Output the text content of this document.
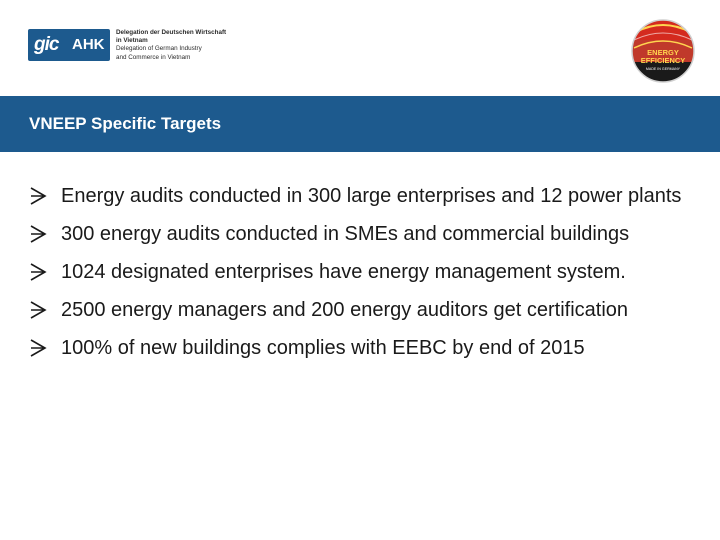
gic AHK
Delegation der Deutschen Wirtschaft
in Vietnam
Delegation of German Industry
and Commerce in Vietnam
ENERGY
EFFICIENCY
MADE IN GERMANY
VNEEP Specific Targets
Energy audits conducted in 300 large enterprises and 12 power plants
300 energy audits conducted in SMEs and commercial buildings
1024 designated enterprises have energy management system.
2500 energy managers and 200 energy auditors get certification
100% of new buildings complies with EEBC by end of 2015
